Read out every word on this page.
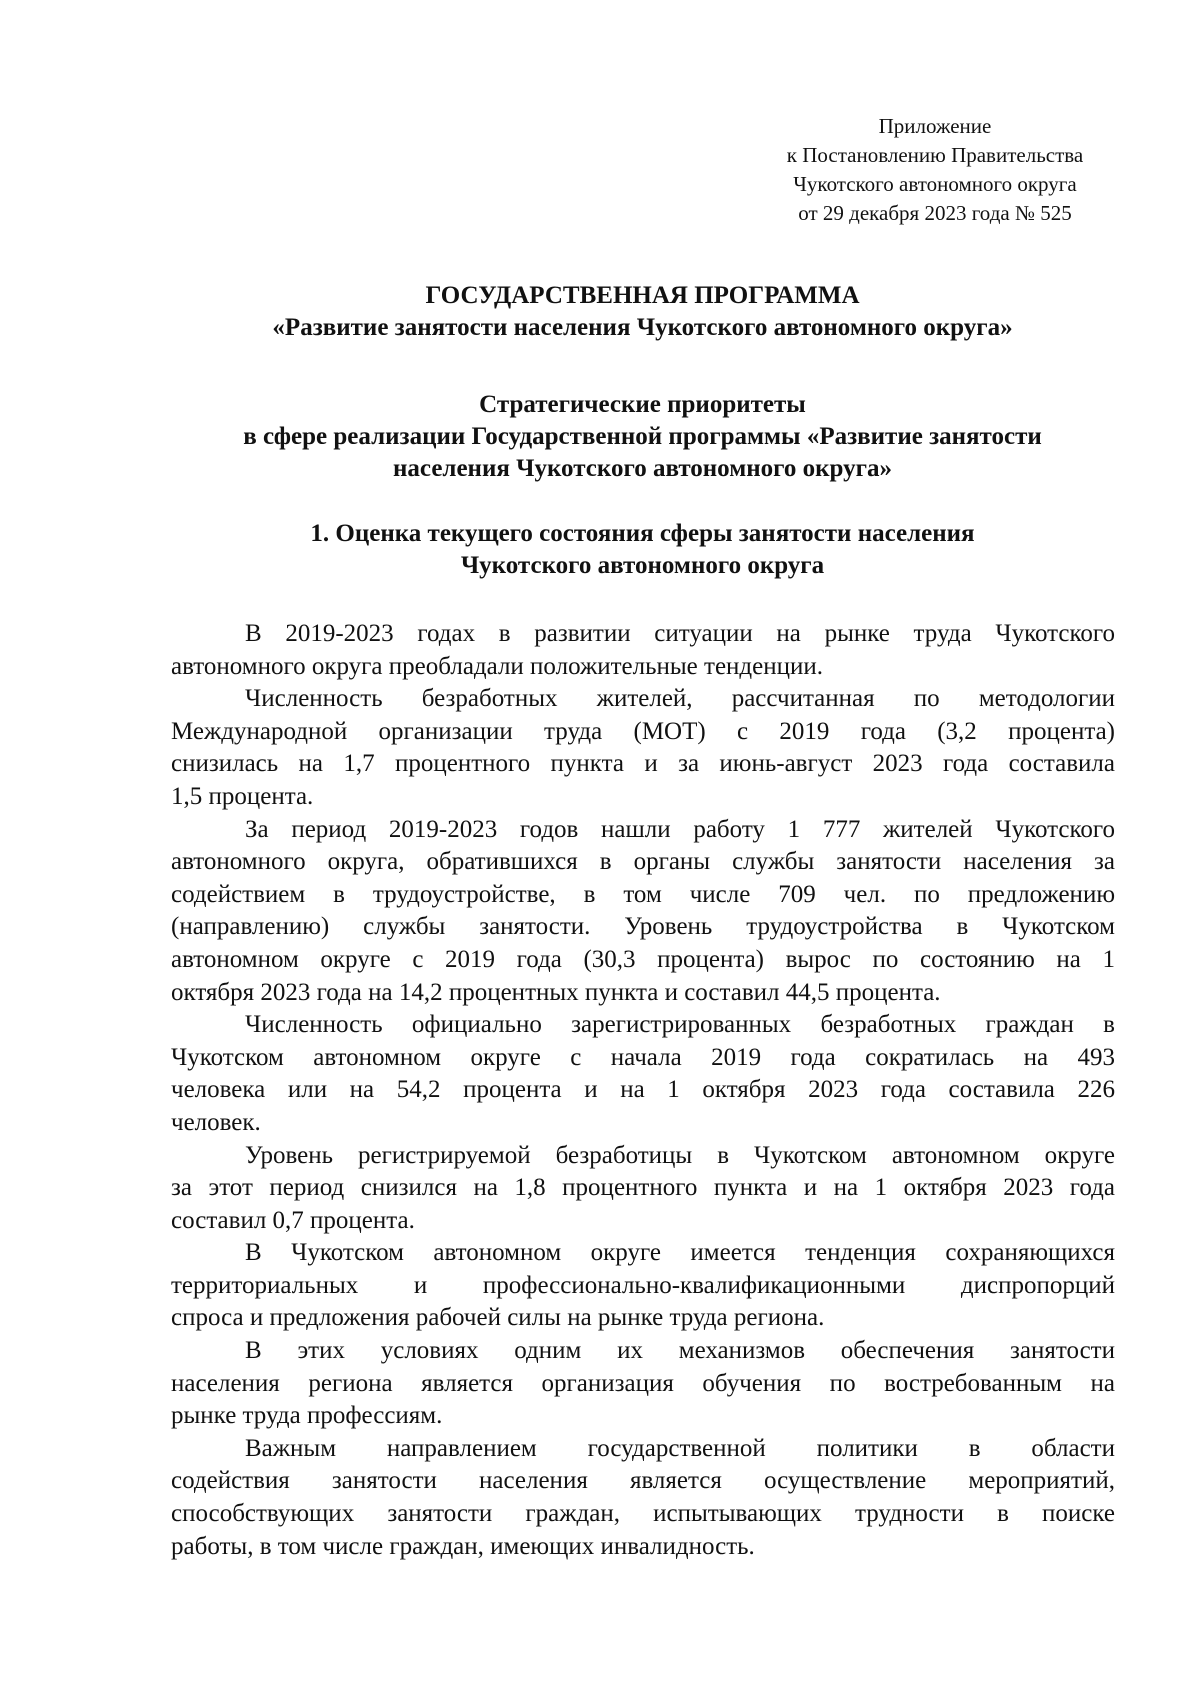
Приложение
к Постановлению Правительства
Чукотского автономного округа
от 29 декабря 2023 года № 525
ГОСУДАРСТВЕННАЯ ПРОГРАММА
«Развитие занятости населения Чукотского автономного округа»
Стратегические приоритеты
в сфере реализации Государственной программы «Развитие занятости
населения Чукотского автономного округа»
1. Оценка текущего состояния сферы занятости населения
Чукотского автономного округа

В 2019-2023 годах в развитии ситуации на рынке труда Чукотского
автономного округа преобладали положительные тенденции.

Численность безработных жителей, рассчитанная по методологии
Международной организации труда (МОТ) с 2019 года (3,2 процента)
снизилась на 1,7 процентного пункта и за июнь-август 2023 года составила
1,5 процента.

За период 2019-2023 годов нашли работу 1 777 жителей Чукотского
автономного округа, обратившихся в органы службы занятости населения за
содействием в трудоустройстве, в том числе 709 чел. по предложению
(направлению) службы занятости. Уровень трудоустройства в Чукотском
автономном округе с 2019 года (30,3 процента) вырос по состоянию на 1
октября 2023 года на 14,2 процентных пункта и составил 44,5 процента.

Численность официально зарегистрированных безработных граждан в
Чукотском автономном округе с начала 2019 года сократилась на 493
человека или на 54,2 процента и на 1 октября 2023 года составила 226
человек.

Уровень регистрируемой безработицы в Чукотском автономном округе
за этот период снизился на 1,8 процентного пункта и на 1 октября 2023 года
составил 0,7 процента.

В Чукотском автономном округе имеется тенденция сохраняющихся
территориальных и профессионально-квалификационными диспропорций
спроса и предложения рабочей силы на рынке труда региона.

В этих условиях одним их механизмов обеспечения занятости
населения региона является организация обучения по востребованным на
рынке труда профессиям.

Важным направлением государственной политики в области
содействия занятости населения является осуществление мероприятий,
способствующих занятости граждан, испытывающих трудности в поиске
работы, в том числе граждан, имеющих инвалидность.
